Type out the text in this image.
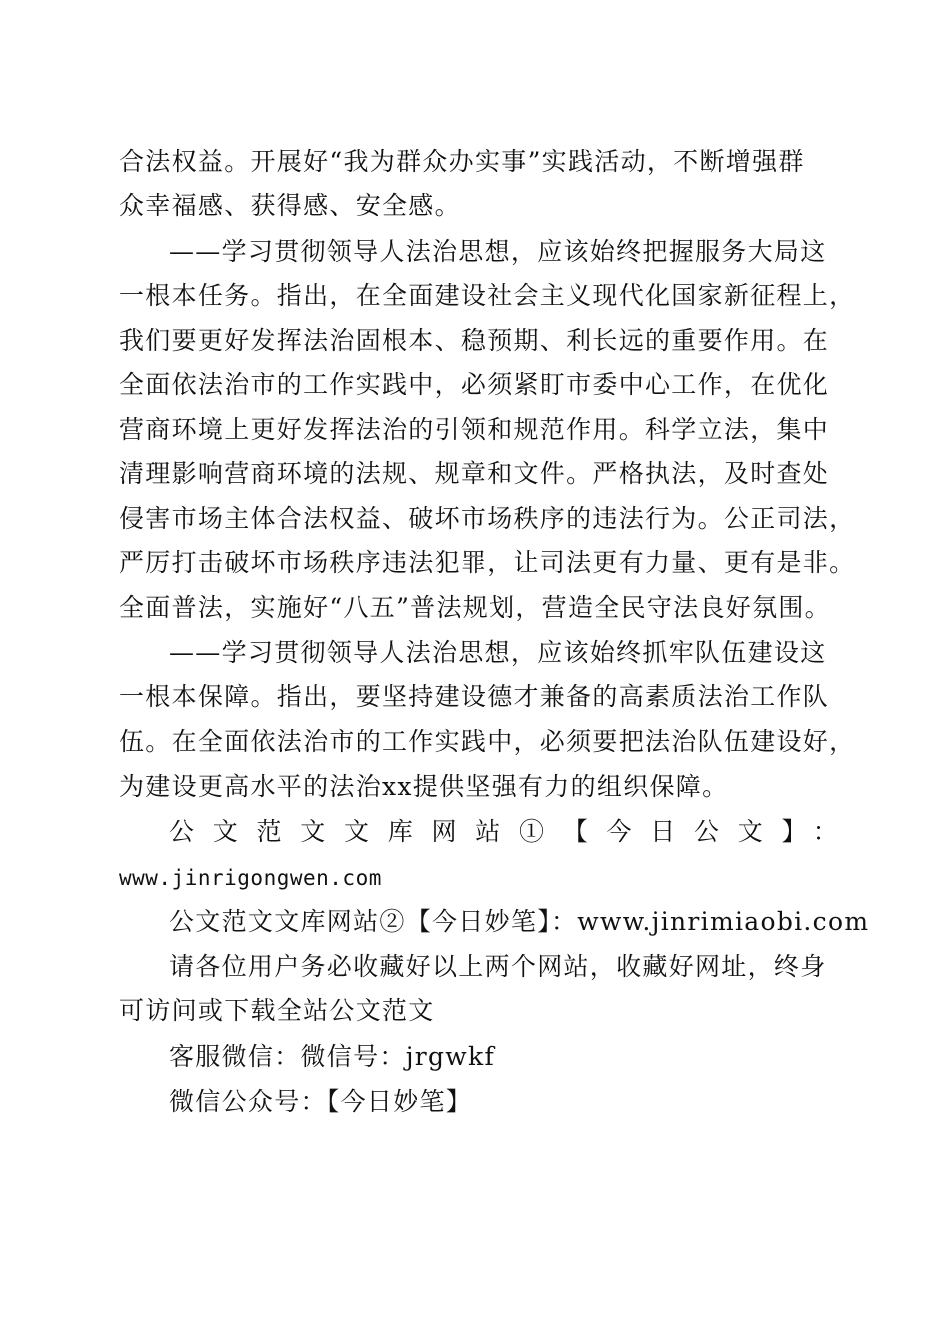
合法权益。开展好“我为群众办实事”实践活动，不断增强群
众幸福感、获得感、安全感。
——学习贯彻领导人法治思想，应该始终把握服务大局这
一根本任务。指出，在全面建设社会主义现代化国家新征程上，
我们要更好发挥法治固根本、稳预期、利长远的重要作用。在
全面依法治市的工作实践中，必须紧盯市委中心工作，在优化
营商环境上更好发挥法治的引领和规范作用。科学立法，集中
清理影响营商环境的法规、规章和文件。严格执法，及时查处
侵害市场主体合法权益、破坏市场秩序的违法行为。公正司法，
严厉打击破坏市场秩序违法犯罪，让司法更有力量、更有是非。
全面普法，实施好“八五”普法规划，营造全民守法良好氛围。
——学习贯彻领导人法治思想，应该始终抓牢队伍建设这
一根本保障。指出，要坚持建设德才兼备的高素质法治工作队
伍。在全面依法治市的工作实践中，必须要把法治队伍建设好，
为建设更高水平的法治xx提供坚强有力的组织保障。
公文范文文库网站①【今日公文】：
www.jinrigongwen.com
公文范文文库网站②【今日妙笔】：www.jinrimiaobi.com
请各位用户务必收藏好以上两个网站，收藏好网址，终身
可访问或下载全站公文范文
客服微信：微信号：jrgwkf
微信公众号：【今日妙笔】
